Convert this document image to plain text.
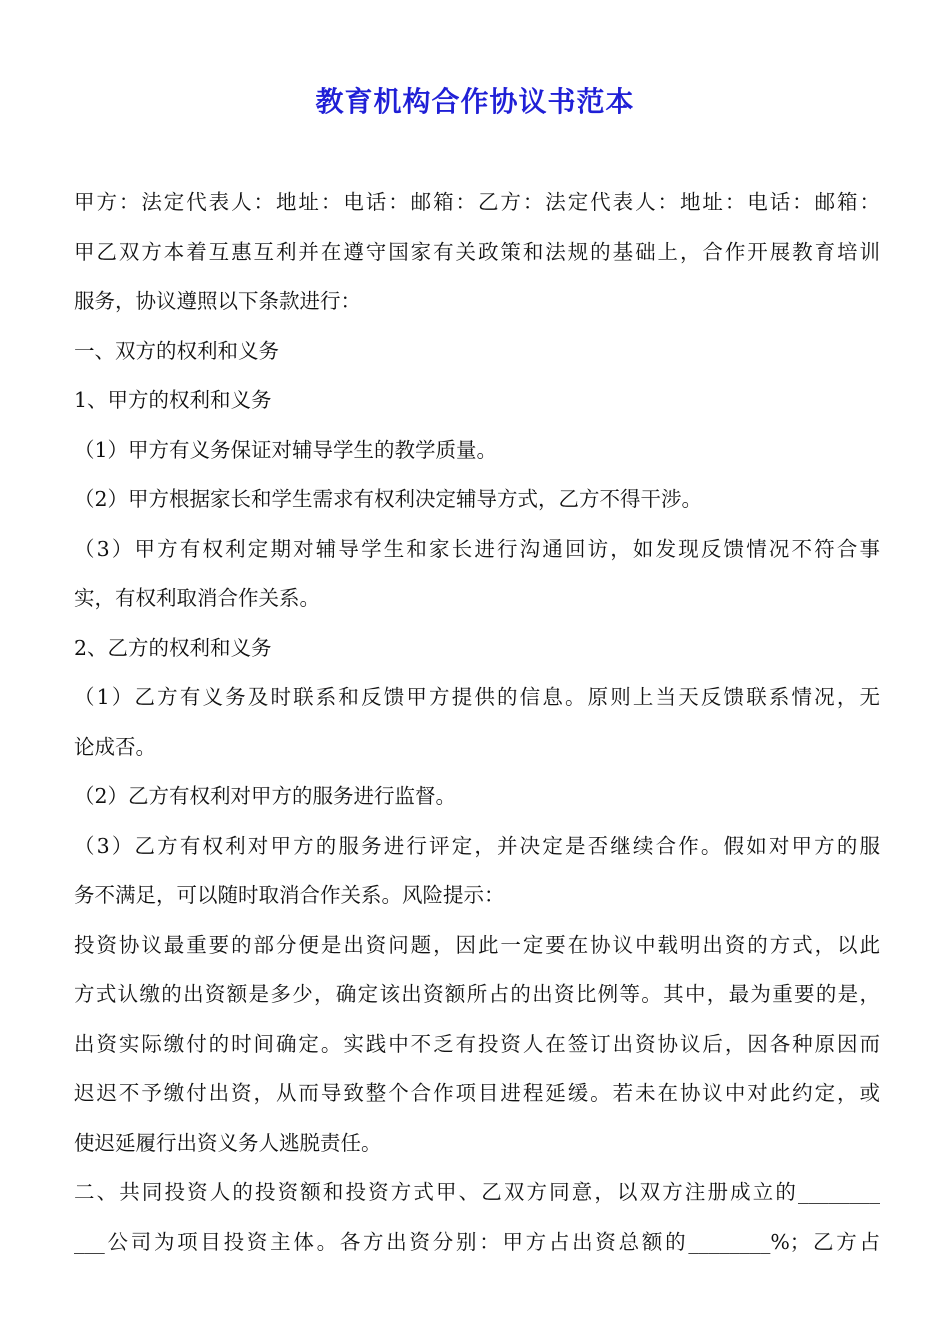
教育机构合作协议书范本
甲方：法定代表人：地址：电话：邮箱：乙方：法定代表人：地址：电话：邮箱：
甲乙双方本着互惠互利并在遵守国家有关政策和法规的基础上，合作开展教育培训
服务，协议遵照以下条款进行：
一、双方的权利和义务
1、甲方的权利和义务
（1）甲方有义务保证对辅导学生的教学质量。
（2）甲方根据家长和学生需求有权利决定辅导方式，乙方不得干涉。
（3）甲方有权利定期对辅导学生和家长进行沟通回访，如发现反馈情况不符合事
实，有权利取消合作关系。
2、乙方的权利和义务
（1）乙方有义务及时联系和反馈甲方提供的信息。原则上当天反馈联系情况，无
论成否。
（2）乙方有权利对甲方的服务进行监督。
（3）乙方有权利对甲方的服务进行评定，并决定是否继续合作。假如对甲方的服
务不满足，可以随时取消合作关系。风险提示：
投资协议最重要的部分便是出资问题，因此一定要在协议中载明出资的方式，以此
方式认缴的出资额是多少，确定该出资额所占的出资比例等。其中，最为重要的是，
出资实际缴付的时间确定。实践中不乏有投资人在签订出资协议后，因各种原因而
迟迟不予缴付出资，从而导致整个合作项目进程延缓。若未在协议中对此约定，或
使迟延履行出资义务人逃脱责任。
二、共同投资人的投资额和投资方式甲、乙双方同意，以双方注册成立的________
___公司为项目投资主体。各方出资分别：甲方占出资总额的________%；乙方占
